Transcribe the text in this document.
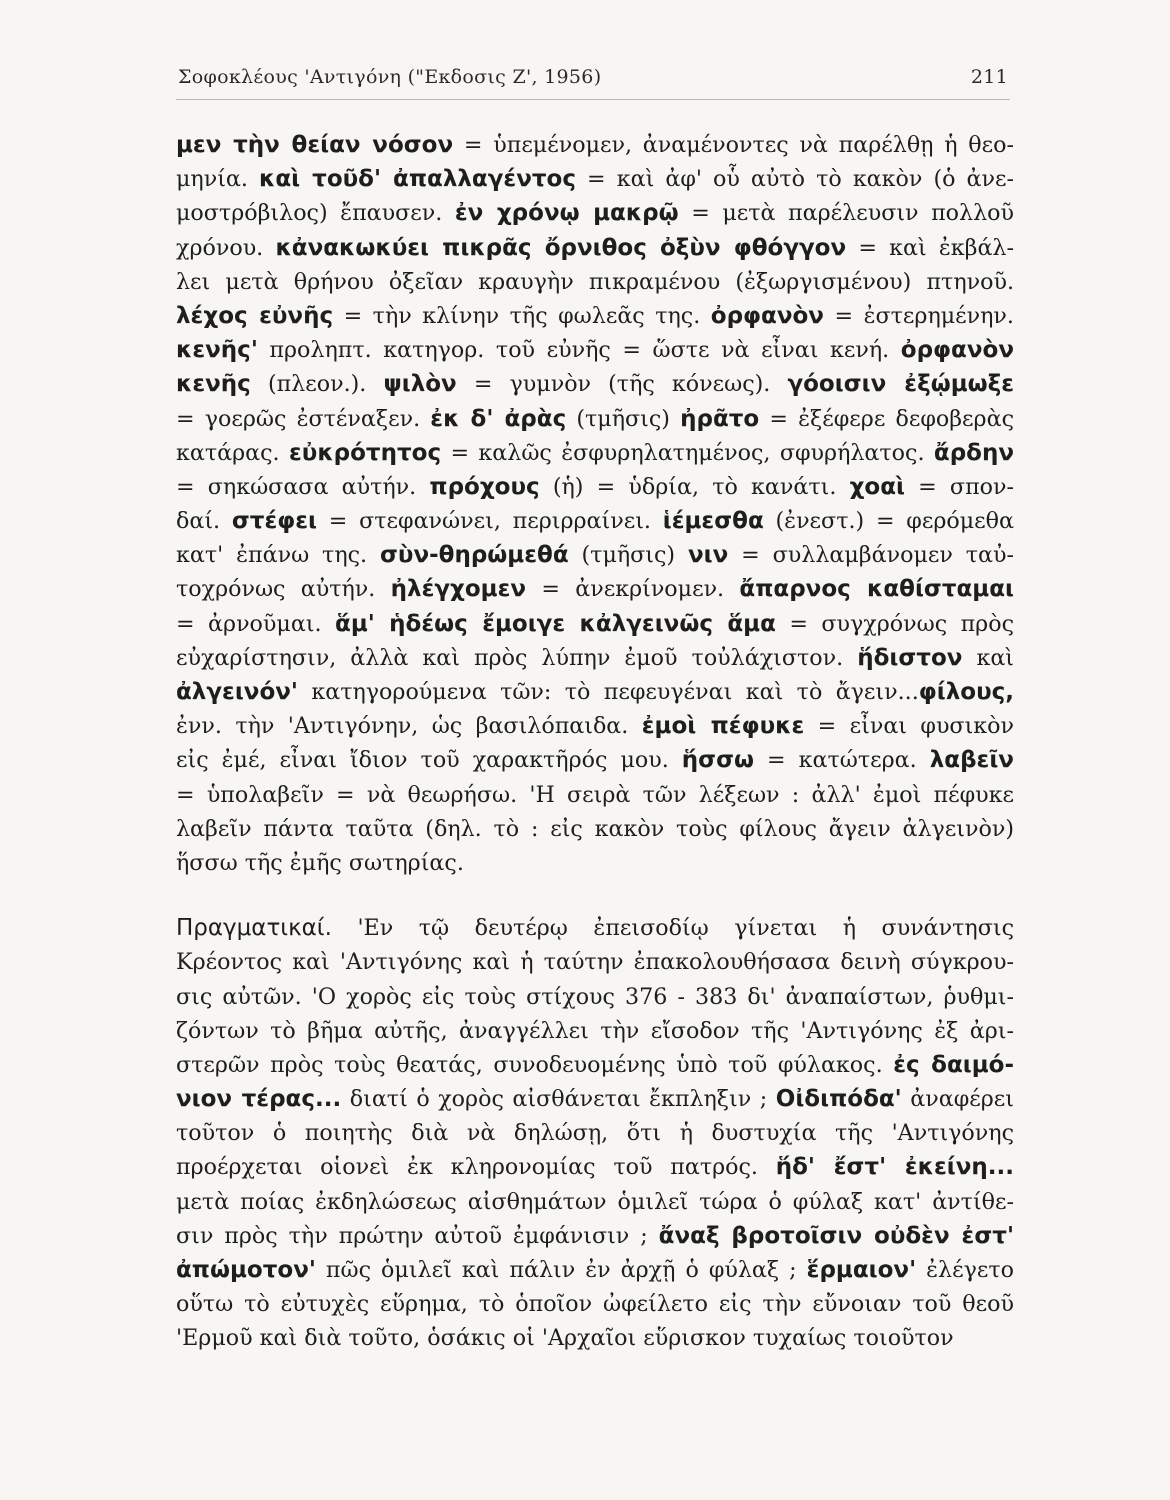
Σοφοκλέους 'Αντιγόνη ("Εκδοσις Ζ', 1956)	211
μεν τὴν θείαν νόσον = ὑπεμένομεν, ἀναμένοντες νὰ παρέλθῃ ἡ θεο-
μηνία. καὶ τοῦδ' ἀπαλλαγέντος = καὶ ἀφ' οὗ αὐτὸ τὸ κακὸν (ὁ ἀνε-
μοστρόβιλος) ἔπαυσεν. ἐν χρόνῳ μακρῷ = μετὰ παρέλευσιν πολλοῦ
χρόνου. κἀνακωκύει πικρᾶς ὄρνιθος ὀξὺν φθόγγον = καὶ ἐκβάλ-
λει μετὰ θρήνου ὀξεῖαν κραυγὴν πικραμένου (ἐξωργισμένου) πτηνοῦ.
λέχος εὐνῆς = τὴν κλίνην τῆς φωλεᾶς της. ὀρφανὸν = ἐστερημένην.
κενῆς' προληπτ. κατηγορ. τοῦ εὐνῆς = ὥστε νὰ εἶναι κενή. ὀρφανὸν
κενῆς (πλεον.). ψιλὸν = γυμνὸν (τῆς κόνεως). γόοισιν ἐξῴμωξε
= γοερῶς ἐστέναξεν. ἐκ δ' ἀρὰς (τμῆσις) ἠρᾶτο = ἐξέφερε δεφοβερὰς
κατάρας. εὐκρότητος = καλῶς ἐσφυρηλατημένος, σφυρήλατος. ἄρδην
= σηκώσασα αὐτήν. πρόχους (ἡ) = ὑδρία, τὸ κανάτι. χοαὶ = σπον-
δαί. στέφει = στεφανώνει, περιρραίνει. ἱέμεσθα (ἐνεστ.) = φερόμεθα
κατ' ἐπάνω της. σὺν-θηρώμεθά (τμῆσις) νιν = συλλαμβάνομεν ταὐ-
τοχρόνως αὐτήν. ἠλέγχομεν = ἀνεκρίνομεν. ἄπαρνος καθίσταμαι
= ἀρνοῦμαι. ἅμ' ἡδέως ἔμοιγε κἀλγεινῶς ἅμα = συγχρόνως πρὸς
εὐχαρίστησιν, ἀλλὰ καὶ πρὸς λύπην ἐμοῦ τοὐλάχιστον. ἥδιστον καὶ
ἀλγεινόν' κατηγορούμενα τῶν: τὸ πεφευγέναι καὶ τὸ ἄγειν...φίλους,
ἐνν. τὴν 'Αντιγόνην, ὡς βασιλόπαιδα. ἐμοὶ πέφυκε = εἶναι φυσικὸν
εἰς ἐμέ, εἶναι ἴδιον τοῦ χαρακτῆρός μου. ἥσσω = κατώτερα. λαβεῖν
= ὑπολαβεῖν = νὰ θεωρήσω. 'Η σειρὰ τῶν λέξεων : ἀλλ' ἐμοὶ πέφυκε
λαβεῖν πάντα ταῦτα (δηλ. τὸ : εἰς κακὸν τοὺς φίλους ἄγειν ἀλγεινὸν)
ἥσσω τῆς ἐμῆς σωτηρίας.
Πραγματικαί. 'Εν τῷ δευτέρῳ ἐπεισοδίῳ γίνεται ἡ συνάντησις
Κρέοντος καὶ 'Αντιγόνης καὶ ἡ ταύτην ἐπακολουθήσασα δεινὴ σύγκρου-
σις αὐτῶν. 'Ο χορὸς εἰς τοὺς στίχους 376 - 383 δι' ἀναπαίστων, ῥυθμι-
ζόντων τὸ βῆμα αὐτῆς, ἀναγγέλλει τὴν εἴσοδον τῆς 'Αντιγόνης ἐξ ἀρι-
στερῶν πρὸς τοὺς θεατάς, συνοδευομένης ὑπὸ τοῦ φύλακος. ἐς δαιμό-
νιον τέρας... διατί ὁ χορὸς αἰσθάνεται ἔκπληξιν ; Οἰδιπόδα' ἀναφέρει
τοῦτον ὁ ποιητὴς διὰ νὰ δηλώσῃ, ὅτι ἡ δυστυχία τῆς 'Αντιγόνης
προέρχεται οἱονεὶ ἐκ κληρονομίας τοῦ πατρός. ἥδ' ἔστ' ἐκείνη...
μετὰ ποίας ἐκδηλώσεως αἰσθημάτων ὁμιλεῖ τώρα ὁ φύλαξ κατ' ἀντίθε-
σιν πρὸς τὴν πρώτην αὐτοῦ ἐμφάνισιν ; ἄναξ βροτοῖσιν οὐδὲν ἐστ'
ἀπώμοτον' πῶς ὁμιλεῖ καὶ πάλιν ἐν ἀρχῇ ὁ φύλαξ ; ἕρμαιον' ἐλέγετο
οὕτω τὸ εὐτυχὲς εὕρημα, τὸ ὁποῖον ὠφείλετο εἰς τὴν εὔνοιαν τοῦ θεοῦ
'Ερμοῦ καὶ διὰ τοῦτο, ὁσάκις οἱ 'Αρχαῖοι εὕρισκον τυχαίως τοιοῦτον
